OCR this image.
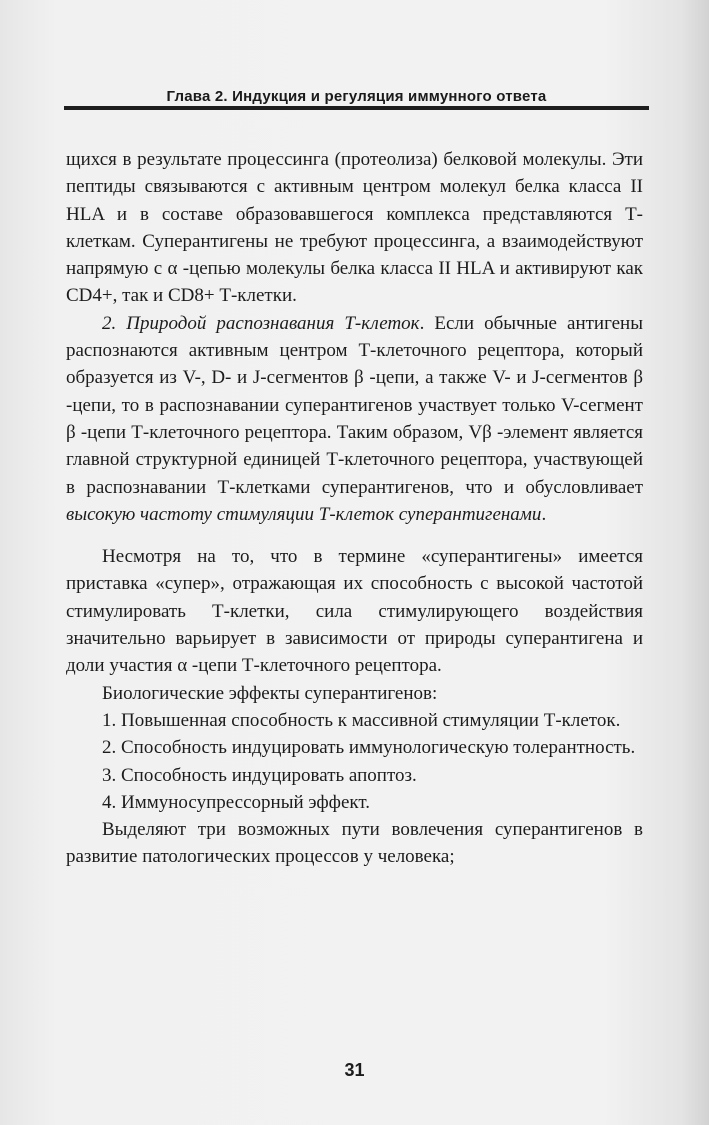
Глава 2. Индукция и регуляция иммунного ответа

щихся в результате процессинга (протеолиза) белковой молекулы. Эти пептиды связываются с активным центром молекул белка класса II HLA и в составе образовавшегося комплекса представляются Т-клеткам. Суперантигены не требуют процессинга, а взаимодействуют напрямую с α -цепью молекулы белка класса II HLA и активируют как CD4+, так и CD8+ Т-клетки.

2. Природой распознавания Т-клеток. Если обычные антигены распознаются активным центром Т-клеточного рецептора, который образуется из V-, D- и J-сегментов β -цепи, а также V- и J-сегментов β -цепи, то в распознавании суперантигенов участвует только V-сегмент β -цепи Т-клеточного рецептора. Таким образом, Vβ -элемент является главной структурной единицей Т-клеточного рецептора, участвующей в распознавании Т-клетками суперантигенов, что и обусловливает высокую частоту стимуляции Т-клеток суперантигенами.

Несмотря на то, что в термине «суперантигены» имеется приставка «супер», отражающая их способность с высокой частотой стимулировать Т-клетки, сила стимулирующего воздействия значительно варьирует в зависимости от природы суперантигена и доли участия α -цепи Т-клеточного рецептора.

Биологические эффекты суперантигенов:

1. Повышенная способность к массивной стимуляции Т-клеток.

2. Способность индуцировать иммунологическую толерантность.

3. Способность индуцировать апоптоз.

4. Иммуносупрессорный эффект.

Выделяют три возможных пути вовлечения суперантигенов в развитие патологических процессов у человека;

31
